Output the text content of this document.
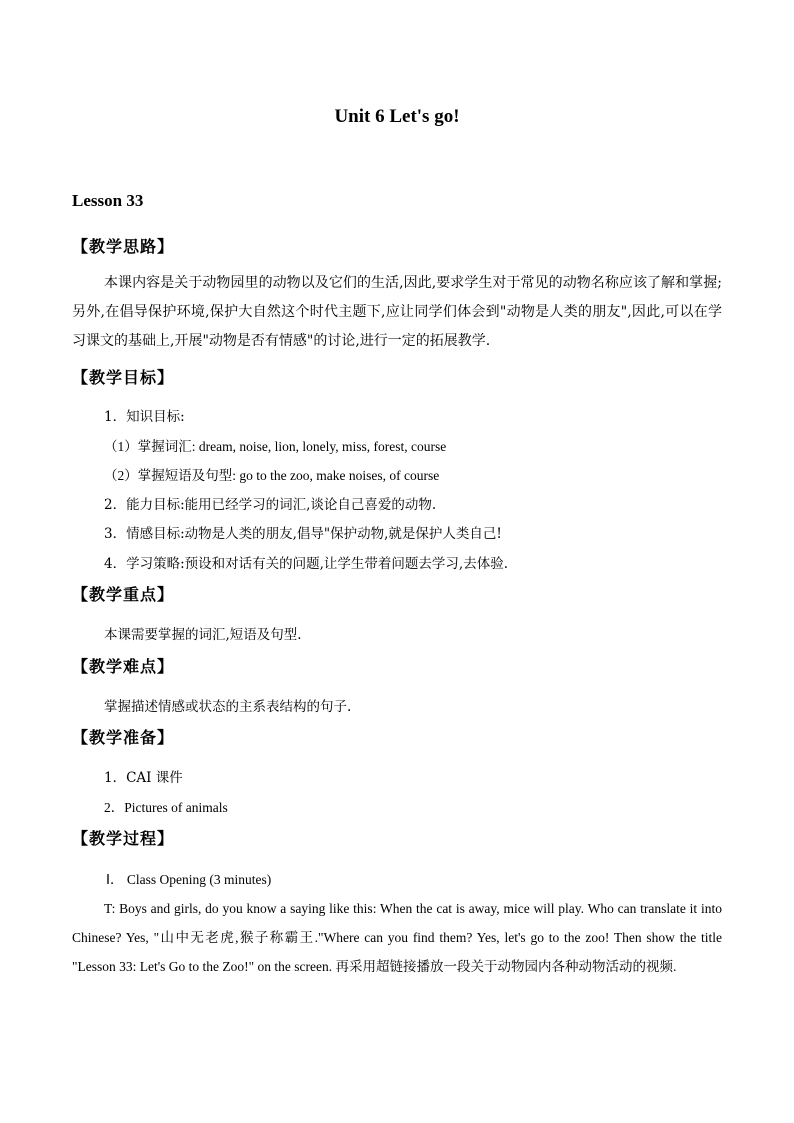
Unit 6 Let's go!
Lesson 33
【教学思路】
本课内容是关于动物园里的动物以及它们的生活,因此,要求学生对于常见的动物名称应该了解和掌握;另外,在倡导保护环境,保护大自然这个时代主题下,应让同学们体会到"动物是人类的朋友",因此,可以在学习课文的基础上,开展"动物是否有情感"的讨论,进行一定的拓展教学.
【教学目标】
1．知识目标:
（1）掌握词汇: dream, noise, lion, lonely, miss, forest, course
（2）掌握短语及句型: go to the zoo, make noises, of course
2．能力目标:能用已经学习的词汇,谈论自己喜爱的动物.
3．情感目标:动物是人类的朋友,倡导"保护动物,就是保护人类自己!
4．学习策略:预设和对话有关的问题,让学生带着问题去学习,去体验.
【教学重点】
本课需要掌握的词汇,短语及句型.
【教学难点】
掌握描述情感或状态的主系表结构的句子.
【教学准备】
1．CAI 课件
2．Pictures of animals
【教学过程】
Ⅰ． Class Opening (3 minutes)
T: Boys and girls, do you know a saying like this: When the cat is away, mice will play. Who can translate it into Chinese? Yes, "山中无老虎,猴子称霸王."Where can you find them? Yes, let's go to the zoo! Then show the title "Lesson 33: Let's Go to the Zoo!" on the screen. 再采用超链接播放一段关于动物园内各种动物活动的视频.
